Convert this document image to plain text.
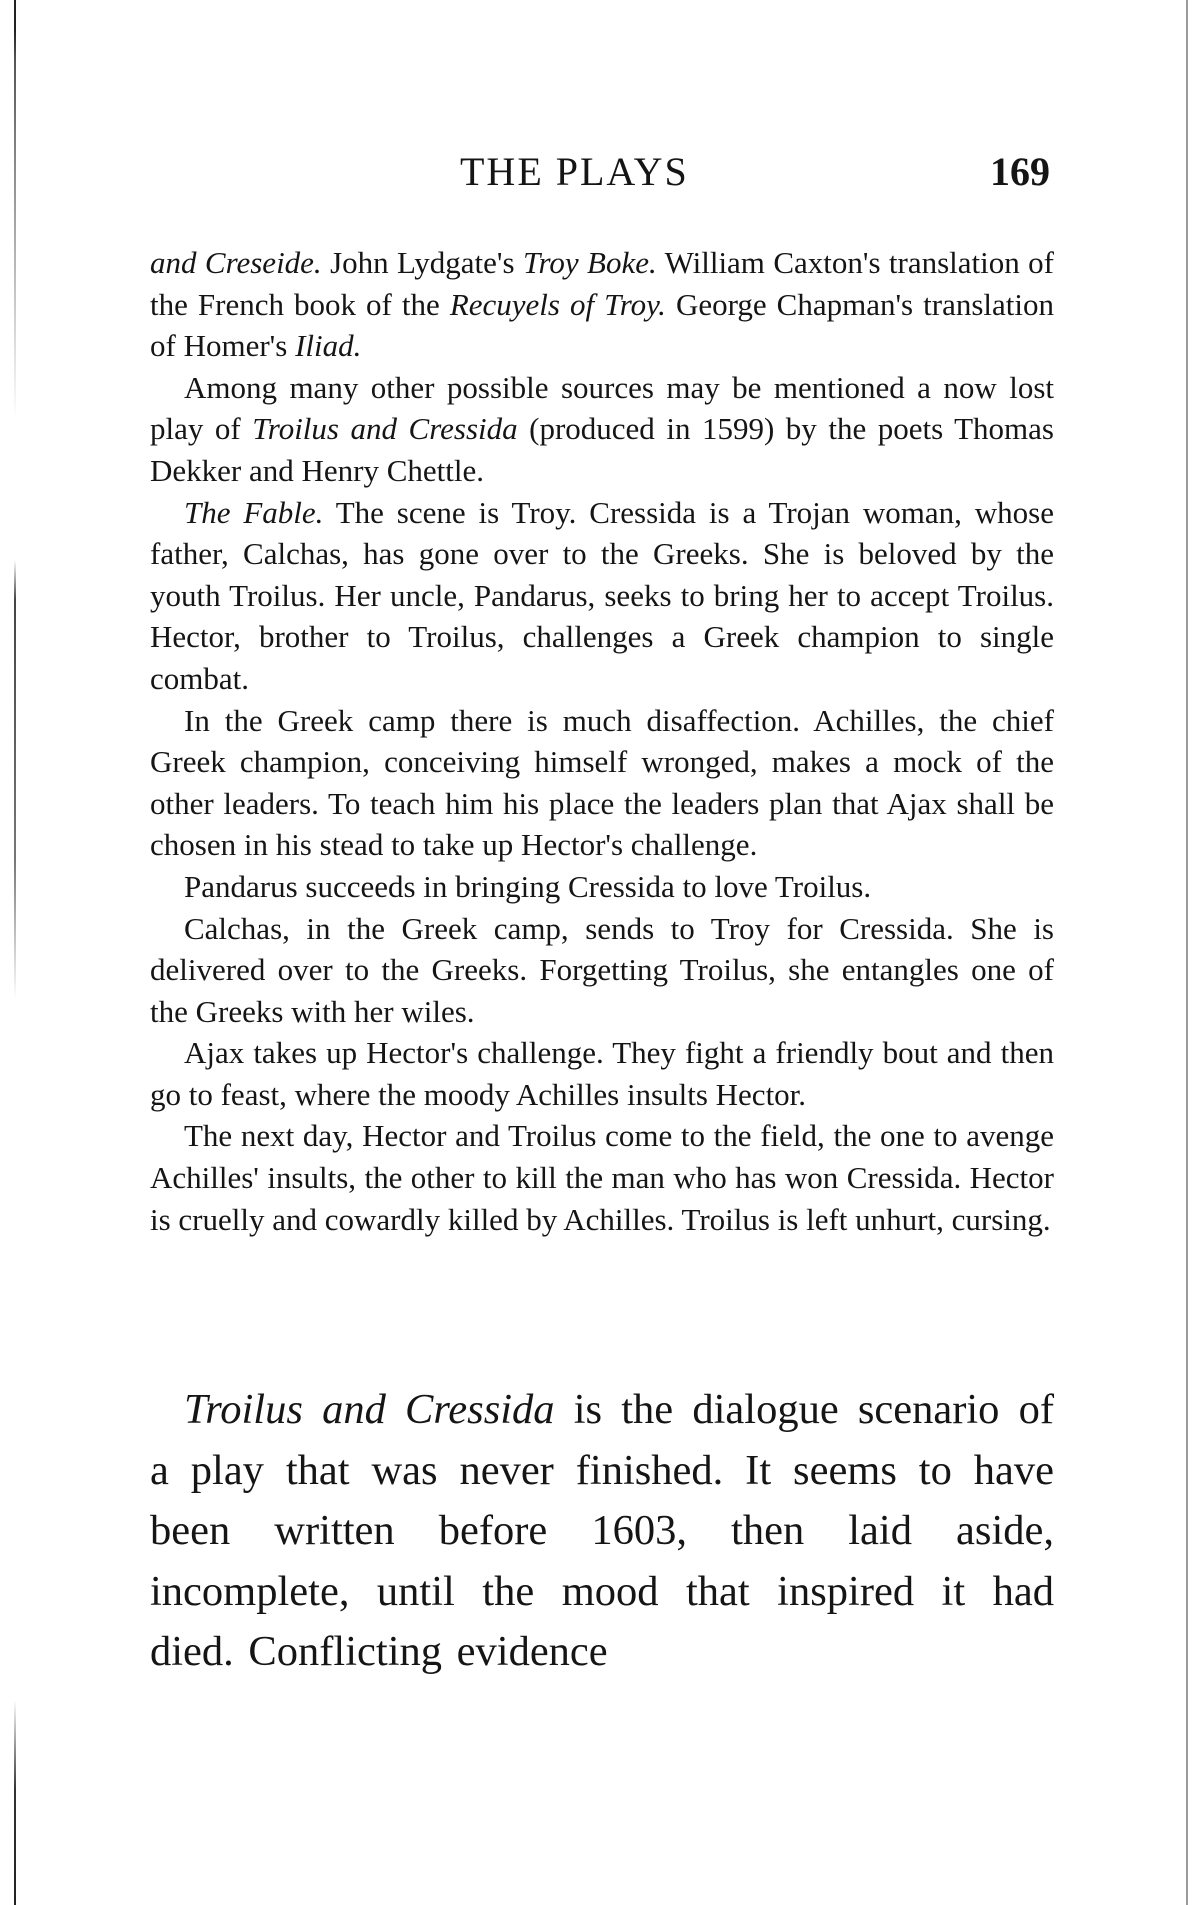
THE PLAYS	169

and Creseide. John Lydgate's Troy Boke. William Caxton's translation of the French book of the Recuyels of Troy. George Chapman's translation of Homer's Iliad.

Among many other possible sources may be mentioned a now lost play of Troilus and Cressida (produced in 1599) by the poets Thomas Dekker and Henry Chettle.

The Fable. The scene is Troy. Cressida is a Trojan woman, whose father, Calchas, has gone over to the Greeks. She is beloved by the youth Troilus. Her uncle, Pandarus, seeks to bring her to accept Troilus. Hector, brother to Troilus, challenges a Greek champion to single combat.

In the Greek camp there is much disaffection. Achilles, the chief Greek champion, conceiving himself wronged, makes a mock of the other leaders. To teach him his place the leaders plan that Ajax shall be chosen in his stead to take up Hector's challenge.

Pandarus succeeds in bringing Cressida to love Troilus.

Calchas, in the Greek camp, sends to Troy for Cressida. She is delivered over to the Greeks. Forgetting Troilus, she entangles one of the Greeks with her wiles.

Ajax takes up Hector's challenge. They fight a friendly bout and then go to feast, where the moody Achilles insults Hector.

The next day, Hector and Troilus come to the field, the one to avenge Achilles' insults, the other to kill the man who has won Cressida. Hector is cruelly and cowardly killed by Achilles. Troilus is left unhurt, cursing.

Troilus and Cressida is the dialogue scenario of a play that was never finished. It seems to have been written before 1603, then laid aside, incomplete, until the mood that inspired it had died. Conflicting evidence
